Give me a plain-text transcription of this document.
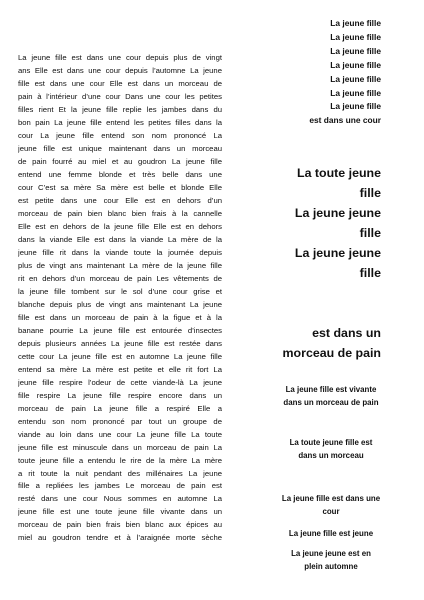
La jeune fille est dans une cour depuis plus de vingt
ans Elle est dans une cour depuis l’automne La jeune
fille est dans une cour Elle est dans un morceau de
pain à l’intérieur d’une cour Dans une cour les petites
filles rient Et la jeune fille replie les jambes dans du
bon pain La jeune fille entend les petites filles dans la
cour La jeune fille entend son nom prononcé La
jeune fille est unique maintenant dans un morceau
de pain fourré au miel et au goudron La jeune fille
entend une femme blonde et très belle dans une
cour C’est sa mère Sa mère est belle et blonde Elle
est petite dans une cour Elle est en dehors d’un
morceau de pain bien blanc bien frais à la cannelle
Elle est en dehors de la jeune fille Elle est en dehors
dans la viande Elle est dans la viande La mère de la
jeune fille rit dans la viande toute la journée depuis
plus de vingt ans maintenant La mère de la jeune fille
rit en dehors d’un morceau de pain Les vêtements de
la jeune fille tombent sur le sol d’une cour grise et
blanche depuis plus de vingt ans maintenant La jeune
fille est dans un morceau de pain à la figue et à la
banane pourrie La jeune fille est entourée d’insectes
depuis plusieurs années La jeune fille est restée dans
cette cour La jeune fille est en automne La jeune fille
entend sa mère La mère est petite et elle rit fort La
jeune fille respire l’odeur de cette viande-là La jeune
fille respire La jeune fille respire encore dans un
morceau de pain La jeune fille a respiré Elle a
entendu son nom prononcé par tout un groupe de
viande au loin dans une cour La jeune fille La toute
jeune fille est minuscule dans un morceau de pain La
toute jeune fille a entendu le rire de la mère La mère
a rit toute la nuit pendant des millénaires La jeune
fille a repliées les jambes Le morceau de pain est
resté dans une cour Nous sommes en automne La
jeune fille est une toute jeune fille vivante dans un
morceau de pain bien frais bien blanc aux épices au
miel au goudron tendre et à l’araignée morte sèche
La jeune fille
La jeune fille
La jeune fille
La jeune fille
La jeune fille
La jeune fille
La jeune fille
est dans une cour
La toute jeune
fille
La jeune jeune
fille
La jeune jeune
fille
est dans un
morceau de pain
La jeune fille est vivante
dans un morceau de pain
La toute jeune fille est
dans un morceau
La jeune fille est dans une
cour
La jeune fille est jeune
La jeune jeune est en
plein automne
